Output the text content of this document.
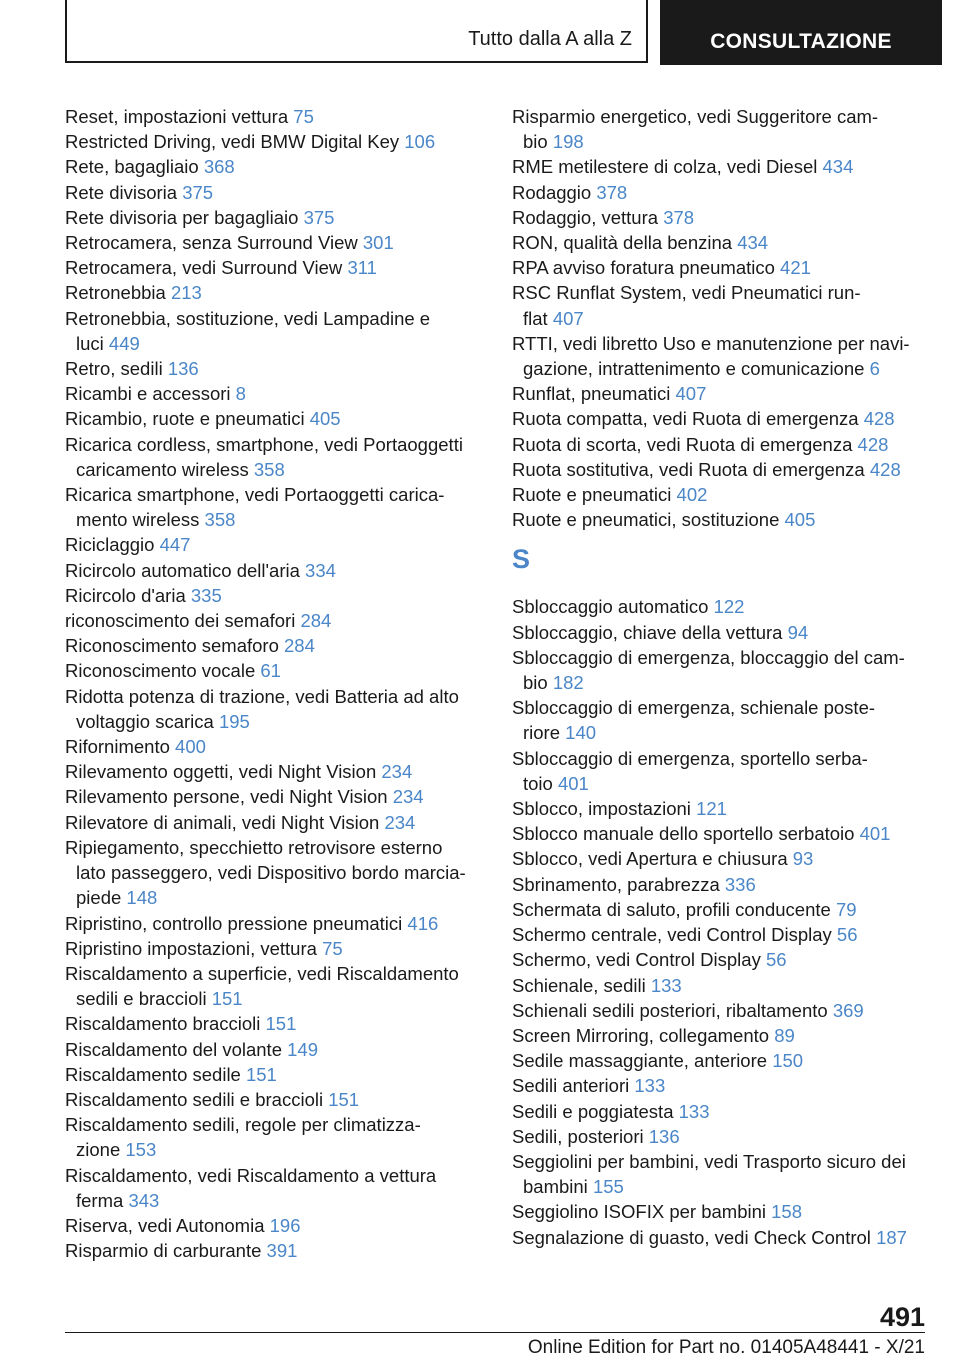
Tutto dalla A alla Z	CONSULTAZIONE
Reset, impostazioni vettura 75
Restricted Driving, vedi BMW Digital Key 106
Rete, bagagliaio 368
Rete divisoria 375
Rete divisoria per bagagliaio 375
Retrocamera, senza Surround View 301
Retrocamera, vedi Surround View 311
Retronebbia 213
Retronebbia, sostituzione, vedi Lampadine e
luci 449
Retro, sedili 136
Ricambi e accessori 8
Ricambio, ruote e pneumatici 405
Ricarica cordless, smartphone, vedi Portaoggetti
caricamento wireless 358
Ricarica smartphone, vedi Portaoggetti carica‐
mento wireless 358
Riciclaggio 447
Ricircolo automatico dell'aria 334
Ricircolo d'aria 335
riconoscimento dei semafori 284
Riconoscimento semaforo 284
Riconoscimento vocale 61
Ridotta potenza di trazione, vedi Batteria ad alto
voltaggio scarica 195
Rifornimento 400
Rilevamento oggetti, vedi Night Vision 234
Rilevamento persone, vedi Night Vision 234
Rilevatore di animali, vedi Night Vision 234
Ripiegamento, specchietto retrovisore esterno
lato passeggero, vedi Dispositivo bordo marcia‐
piede 148
Ripristino, controllo pressione pneumatici 416
Ripristino impostazioni, vettura 75
Riscaldamento a superficie, vedi Riscaldamento
sedili e braccioli 151
Riscaldamento braccioli 151
Riscaldamento del volante 149
Riscaldamento sedile 151
Riscaldamento sedili e braccioli 151
Riscaldamento sedili, regole per climatizza‐
zione 153
Riscaldamento, vedi Riscaldamento a vettura
ferma 343
Riserva, vedi Autonomia 196
Risparmio di carburante 391
Risparmio energetico, vedi Suggeritore cam‐
bio 198
RME metilestere di colza, vedi Diesel 434
Rodaggio 378
Rodaggio, vettura 378
RON, qualità della benzina 434
RPA avviso foratura pneumatico 421
RSC Runflat System, vedi Pneumatici run‐
flat 407
RTTI, vedi libretto Uso e manutenzione per navi‐
gazione, intrattenimento e comunicazione 6
Runflat, pneumatici 407
Ruota compatta, vedi Ruota di emergenza 428
Ruota di scorta, vedi Ruota di emergenza 428
Ruota sostitutiva, vedi Ruota di emergenza 428
Ruote e pneumatici 402
Ruote e pneumatici, sostituzione 405
S
Sbloccaggio automatico 122
Sbloccaggio, chiave della vettura 94
Sbloccaggio di emergenza, bloccaggio del cam‐
bio 182
Sbloccaggio di emergenza, schienale poste‐
riore 140
Sbloccaggio di emergenza, sportello serba‐
toio 401
Sblocco, impostazioni 121
Sblocco manuale dello sportello serbatoio 401
Sblocco, vedi Apertura e chiusura 93
Sbrinamento, parabrezza 336
Schermata di saluto, profili conducente 79
Schermo centrale, vedi Control Display 56
Schermo, vedi Control Display 56
Schienale, sedili 133
Schienali sedili posteriori, ribaltamento 369
Screen Mirroring, collegamento 89
Sedile massaggiante, anteriore 150
Sedili anteriori 133
Sedili e poggiatesta 133
Sedili, posteriori 136
Seggiolini per bambini, vedi Trasporto sicuro dei
bambini 155
Seggiolino ISOFIX per bambini 158
Segnalazione di guasto, vedi Check Control 187
491
Online Edition for Part no. 01405A48441 - X/21
